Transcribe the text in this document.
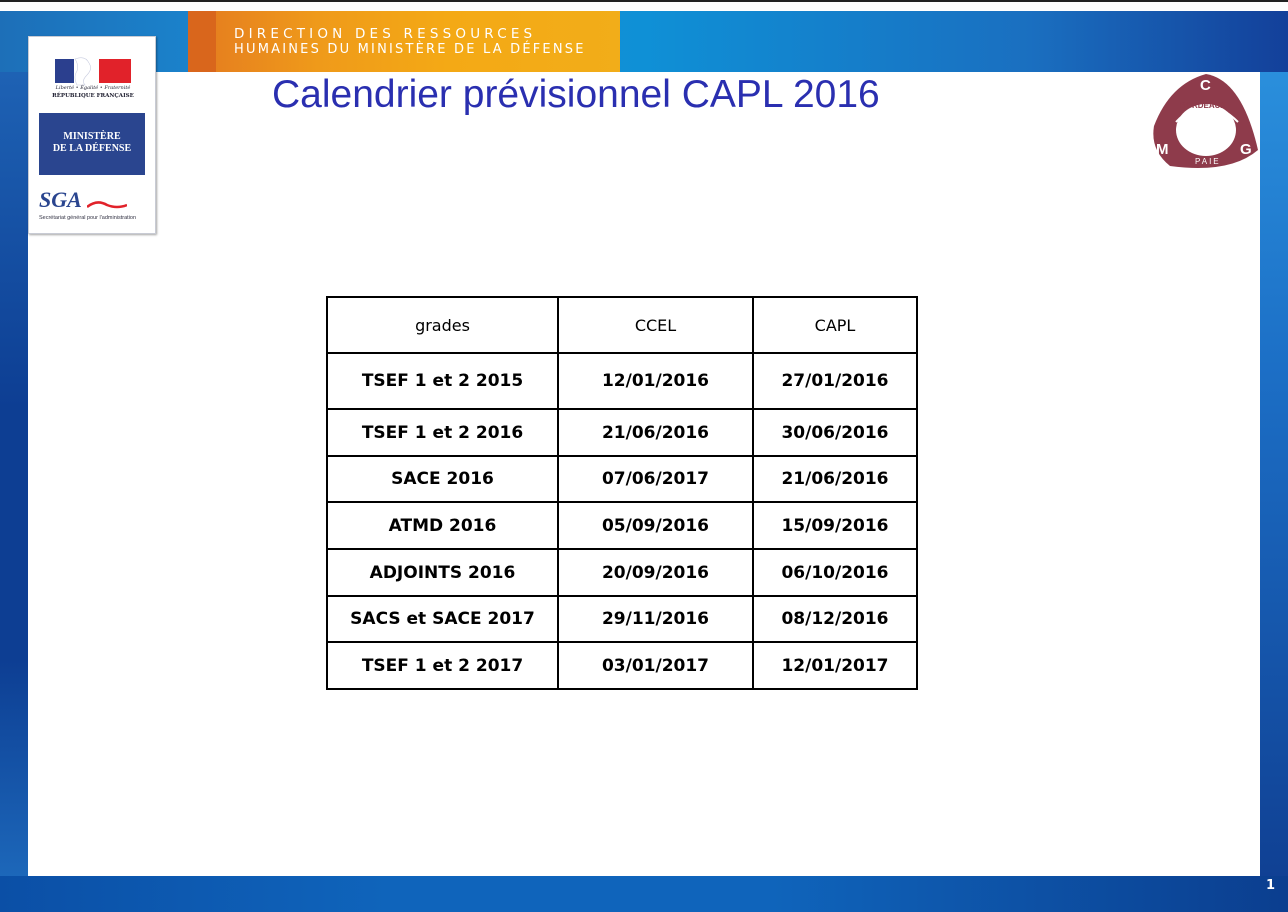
DIRECTION DES RESSOURCES
HUMAINES DU MINISTÈRE DE LA DÉFENSE
Liberté • Égalité • Fraternité
RÉPUBLIQUE FRANÇAISE
MINISTÈRE
DE LA DÉFENSE
SGA
Secrétariat général pour l'administration
Calendrier prévisionnel CAPL 2016	C
M	G
BORDEAUX
PAIE
grades	CCEL	CAPL
TSEF 1 et 2 2015	12/01/2016	27/01/2016
TSEF 1 et 2 2016	21/06/2016	30/06/2016
SACE 2016	07/06/2017	21/06/2016
ATMD 2016	05/09/2016	15/09/2016
ADJOINTS 2016	20/09/2016	06/10/2016
SACS et SACE 2017	29/11/2016	08/12/2016
TSEF 1 et 2 2017	03/01/2017	12/01/2017
1
